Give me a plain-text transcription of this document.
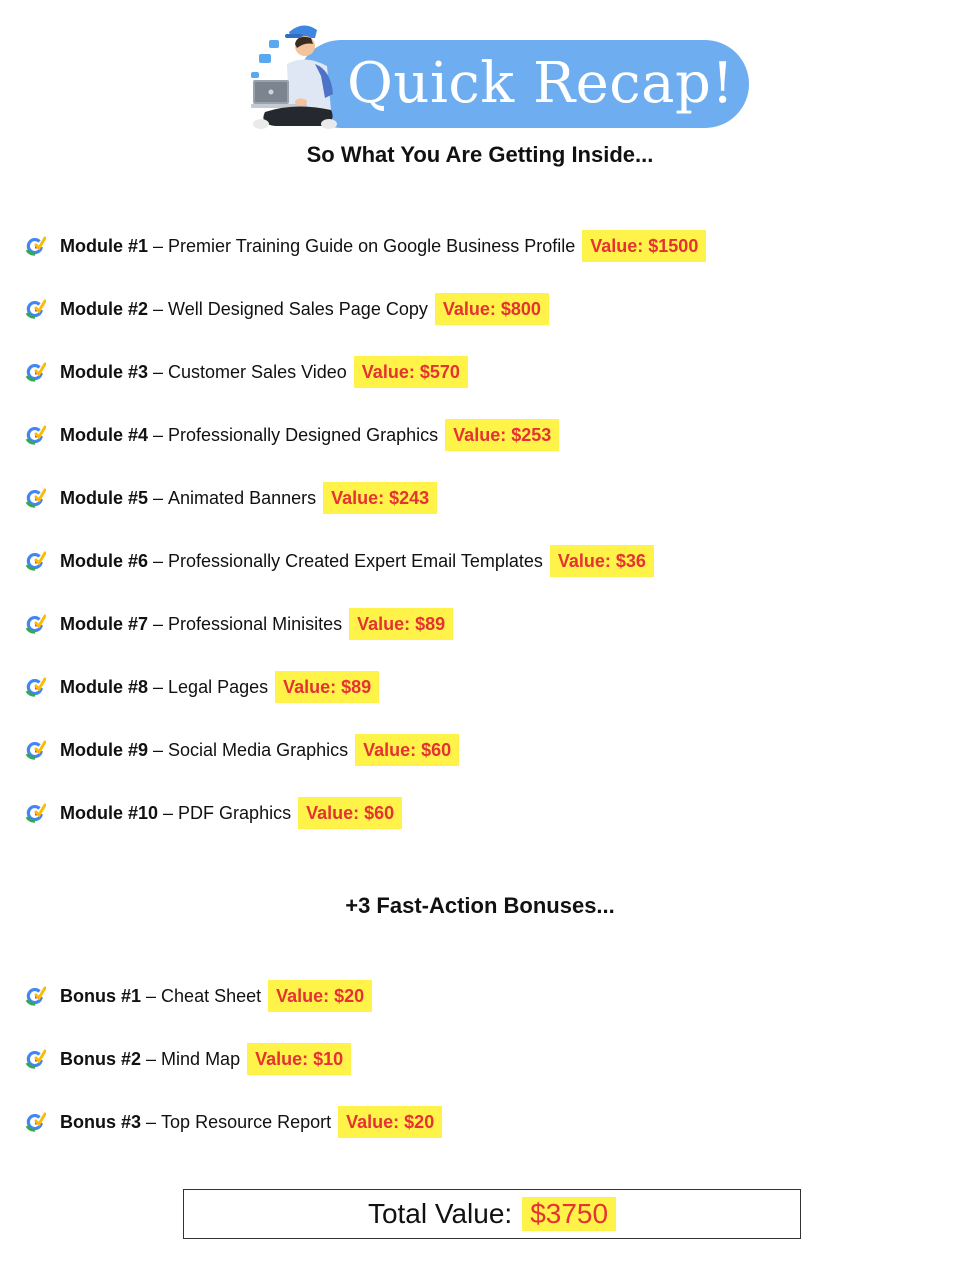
Quick Recap!
So What You Are Getting Inside...
Module #1 – Premier Training Guide on Google Business Profile Value: $1500
Module #2 – Well Designed Sales Page Copy Value: $800
Module #3 – Customer Sales Video Value: $570
Module #4 – Professionally Designed Graphics Value: $253
Module #5 – Animated Banners Value: $243
Module #6 – Professionally Created Expert Email Templates Value: $36
Module #7 – Professional Minisites Value: $89
Module #8 – Legal Pages Value: $89
Module #9 – Social Media Graphics Value: $60
Module #10 – PDF Graphics Value: $60
+3 Fast-Action Bonuses...
Bonus #1 – Cheat Sheet Value: $20
Bonus #2 – Mind Map Value: $10
Bonus #3 – Top Resource Report Value: $20
Total Value: $3750
